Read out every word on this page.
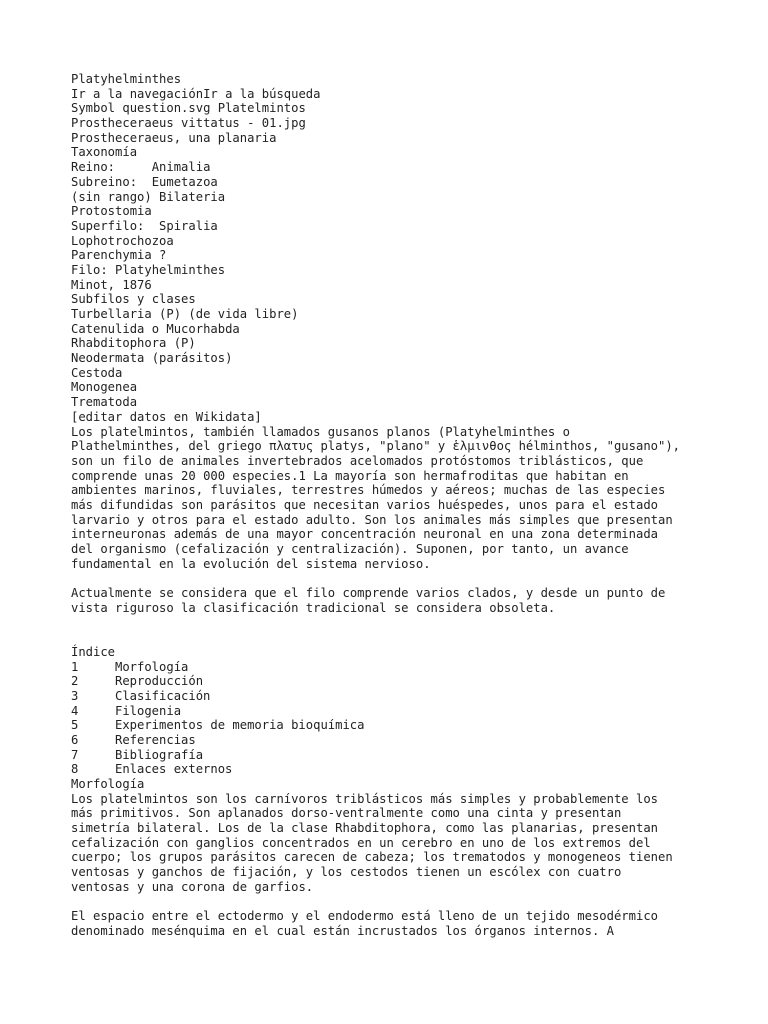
Platyhelminthes
Ir a la navegaciónIr a la búsqueda
Symbol question.svg Platelmintos
Prostheceraeus vittatus - 01.jpg
Prostheceraeus, una planaria
Taxonomía
Reino:     Animalia
Subreino:  Eumetazoa
(sin rango) Bilateria
Protostomia
Superfilo:  Spiralia
Lophotrochozoa
Parenchymia ?
Filo: Platyhelminthes
Minot, 1876
Subfilos y clases
Turbellaria (P) (de vida libre)
Catenulida o Mucorhabda
Rhabditophora (P)
Neodermata (parásitos)
Cestoda
Monogenea
Trematoda
[editar datos en Wikidata]
Los platelmintos, también llamados gusanos planos (Platyhelminthes o
Plathelminthes, del griego πλατυς platys, "plano" y ἑλμινθος hélminthos, "gusano"),
son un filo de animales invertebrados acelomados protóstomos triblásticos, que
comprende unas 20 000 especies.1 La mayoría son hermafroditas que habitan en
ambientes marinos, fluviales, terrestres húmedos y aéreos; muchas de las especies
más difundidas son parásitos que necesitan varios huéspedes, unos para el estado
larvario y otros para el estado adulto. Son los animales más simples que presentan
interneuronas además de una mayor concentración neuronal en una zona determinada
del organismo (cefalización y centralización). Suponen, por tanto, un avance
fundamental en la evolución del sistema nervioso.
Actualmente se considera que el filo comprende varios clados, y desde un punto de
vista riguroso la clasificación tradicional se considera obsoleta.
Índice
1	Morfología
2	Reproducción
3	Clasificación
4	Filogenia
5	Experimentos de memoria bioquímica
6	Referencias
7	Bibliografía
8	Enlaces externos
Morfología
Los platelmintos son los carnívoros triblásticos más simples y probablemente los
más primitivos. Son aplanados dorso-ventralmente como una cinta y presentan
simetría bilateral. Los de la clase Rhabditophora, como las planarias, presentan
cefalización con ganglios concentrados en un cerebro en uno de los extremos del
cuerpo; los grupos parásitos carecen de cabeza; los trematodos y monogeneos tienen
ventosas y ganchos de fijación, y los cestodos tienen un escólex con cuatro
ventosas y una corona de garfios.
El espacio entre el ectodermo y el endodermo está lleno de un tejido mesodérmico
denominado mesénquima en el cual están incrustados los órganos internos. A
